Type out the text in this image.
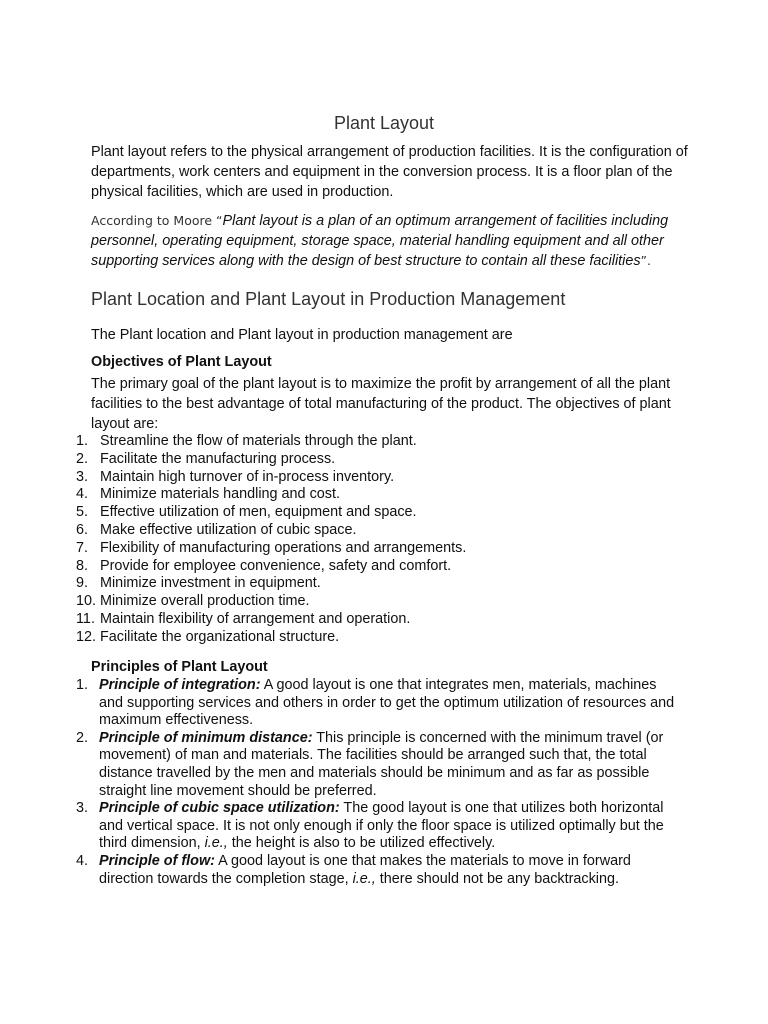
Plant Layout

Plant layout refers to the physical arrangement of production facilities. It is the configuration of departments, work centers and equipment in the conversion process. It is a floor plan of the physical facilities, which are used in production.

According to Moore “Plant layout is a plan of an optimum arrangement of facilities including personnel, operating equipment, storage space, material handling equipment and all other supporting services along with the design of best structure to contain all these facilities”.

Plant Location and Plant Layout in Production Management

The Plant location and Plant layout in production management are

Objectives of Plant Layout

The primary goal of the plant layout is to maximize the profit by arrangement of all the plant facilities to the best advantage of total manufacturing of the product. The objectives of plant layout are:

1. Streamline the flow of materials through the plant.
2. Facilitate the manufacturing process.
3. Maintain high turnover of in-process inventory.
4. Minimize materials handling and cost.
5. Effective utilization of men, equipment and space.
6. Make effective utilization of cubic space.
7. Flexibility of manufacturing operations and arrangements.
8. Provide for employee convenience, safety and comfort.
9. Minimize investment in equipment.
10. Minimize overall production time.
11. Maintain flexibility of arrangement and operation.
12. Facilitate the organizational structure.
Principles of Plant Layout
1. Principle of integration: A good layout is one that integrates men, materials, machines and supporting services and others in order to get the optimum utilization of resources and maximum effectiveness.
2. Principle of minimum distance: This principle is concerned with the minimum travel (or movement) of man and materials. The facilities should be arranged such that, the total distance travelled by the men and materials should be minimum and as far as possible straight line movement should be preferred.
3. Principle of cubic space utilization: The good layout is one that utilizes both horizontal and vertical space. It is not only enough if only the floor space is utilized optimally but the third dimension, i.e., the height is also to be utilized effectively.
4. Principle of flow: A good layout is one that makes the materials to move in forward direction towards the completion stage, i.e., there should not be any backtracking.
